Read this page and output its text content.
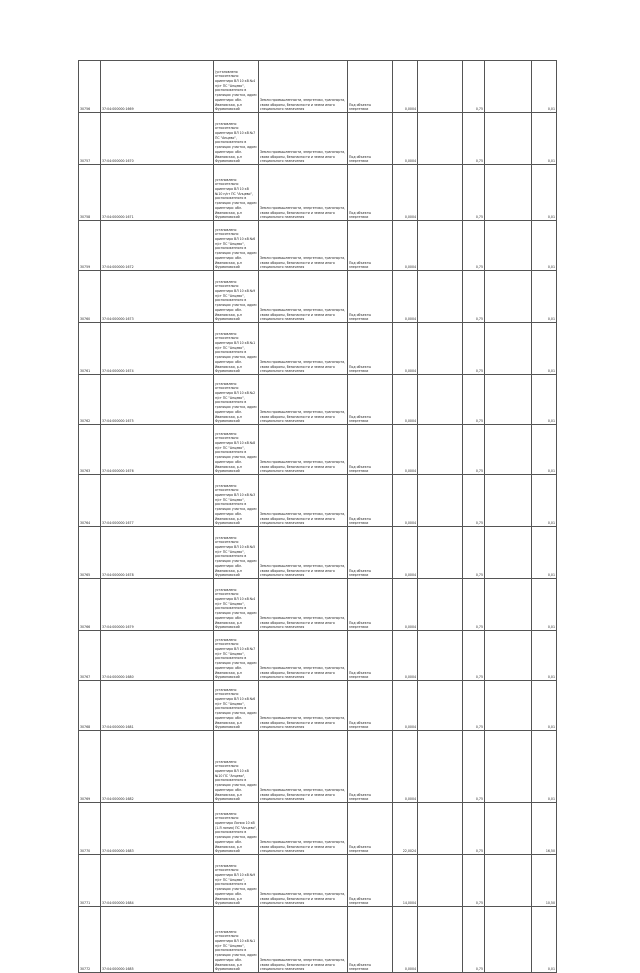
30756	37:04:000000:1669	(установлено относительно ориентира ВЛ 10 кВ №4 п/ст ПС "Анцево", расположенного в границах участка, адрес ориентира: обл. Ивановская, р-н Фурмановский	Земли промышленности, энергетики, транспорта, связи обороны, безопасности и земли иного специального назначения	Под объекты энергетики	0,0004		0,75		0,01
30757	37:04:000000:1670	установлено относительно ориентира ВЛ 10 кВ №7 ПС "Анцево", расположенного в границах участка, адрес ориентира: обл. Ивановская, р-н Фурмановский	Земли промышленности, энергетики, транспорта, связи обороны, безопасности и земли иного специального назначения	Под объекты энергетики	0,0004		0,75		0,01
30758	37:04:000000:1671	установлено относительно ориентира ВЛ 10 кВ №10 п/ст ПС "Анцево", расположенного в границах участка, адрес ориентира: обл. Ивановская, р-н Фурмановский	Земли промышленности, энергетики, транспорта, связи обороны, безопасности и земли иного специального назначения	Под объекты энергетики	0,0004		0,75		0,01
30759	37:04:000000:1672	установлено относительно ориентира ВЛ 10 кВ №6 п/ст ПС "Анцево", расположенного в границах участка, адрес ориентира: обл. Ивановская, р-н Фурмановский	Земли промышленности, энергетики, транспорта, связи обороны, безопасности и земли иного специального назначения	Под объекты энергетики	0,0004		0,75		0,01
30760	37:04:000000:1673	установлено относительно ориентира ВЛ 10 кВ №9 п/ст ПС "Анцево", расположенного в границах участка, адрес ориентира: обл. Ивановская, р-н Фурмановский	Земли промышленности, энергетики, транспорта, связи обороны, безопасности и земли иного специального назначения	Под объекты энергетики	0,0004		0,75		0,01
30761	37:04:000000:1674	установлено относительно ориентира ВЛ 10 кВ №1 п/ст ПС "Анцево", расположенного в границах участка, адрес ориентира: обл. Ивановская, р-н Фурмановский	Земли промышленности, энергетики, транспорта, связи обороны, безопасности и земли иного специального назначения	Под объекты энергетики	0,0004		0,75		0,01
30762	37:04:000000:1675	установлено относительно ориентира ВЛ 10 кВ №2 п/ст ПС "Анцево", расположенного в границах участка, адрес ориентира: обл. Ивановская, р-н Фурмановский	Земли промышленности, энергетики, транспорта, связи обороны, безопасности и земли иного специального назначения	Под объекты энергетики	0,0004		0,75		0,01
30763	37:04:000000:1676	установлено относительно ориентира ВЛ 10 кВ №8 п/ст ПС "Анцево", расположенного в границах участка, адрес ориентира: обл. Ивановская, р-н Фурмановский	Земли промышленности, энергетики, транспорта, связи обороны, безопасности и земли иного специального назначения	Под объекты энергетики	0,0004		0,75		0,01
30764	37:04:000000:1677	установлено относительно ориентира ВЛ 10 кВ №3 п/ст ПС "Анцево", расположенного в границах участка, адрес ориентира: обл. Ивановская, р-н Фурмановский	Земли промышленности, энергетики, транспорта, связи обороны, безопасности и земли иного специального назначения	Под объекты энергетики	0,0004		0,75		0,01
30765	37:04:000000:1678	установлено относительно ориентира ВЛ 10 кВ №5 п/ст ПС "Анцево", расположенного в границах участка, адрес ориентира: обл. Ивановская, р-н Фурмановский	Земли промышленности, энергетики, транспорта, связи обороны, безопасности и земли иного специального назначения	Под объекты энергетики	0,0004		0,75		0,01
30766	37:04:000000:1679	установлено относительно ориентира ВЛ 10 кВ №4 п/ст ПС "Анцево", расположенного в границах участка, адрес ориентира: обл. Ивановская, р-н Фурмановский	Земли промышленности, энергетики, транспорта, связи обороны, безопасности и земли иного специального назначения	Под объекты энергетики	0,0004		0,75		0,01
30767	37:04:000000:1680	установлено относительно ориентира ВЛ 10 кВ №7 п/ст ПС "Анцево", расположенного в границах участка, адрес ориентира: обл. Ивановская, р-н Фурмановский	Земли промышленности, энергетики, транспорта, связи обороны, безопасности и земли иного специального назначения	Под объекты энергетики	0,0004		0,75		0,01
30768	37:04:000000:1681	установлено относительно ориентира ВЛ 10 кВ №6 п/ст ПС "Анцево", расположенного в границах участка, адрес ориентира: обл. Ивановская, р-н Фурмановский	Земли промышленности, энергетики, транспорта, связи обороны, безопасности и земли иного специального назначения	Под объекты энергетики	0,0004		0,75		0,01
30769	37:04:000000:1682	установлено относительно ориентира ВЛ 10 кВ №10 ПС "Анцево", расположенного в границах участка, адрес ориентира: обл. Ивановская, р-н Фурмановский	Земли промышленности, энергетики, транспорта, связи обороны, безопасности и земли иного специального назначения	Под объекты энергетики	0,0004		0,75		0,01
30770	37:04:000000:1683	установлено относительно ориентира Линия 10 кВ (1-Я линия) ПС "Анцево", расположенного в границах участка, адрес ориентира: обл. Ивановская, р-н Фурмановский	Земли промышленности, энергетики, транспорта, связи обороны, безопасности и земли иного специального назначения	Под объекты энергетики	22,0024		0,75		16,50
30771	37:04:000000:1684	установлено относительно ориентира ВЛ 10 кВ №9 п/ст ПС "Анцево", расположенного в границах участка, адрес ориентира: обл. Ивановская, р-н Фурмановский	Земли промышленности, энергетики, транспорта, связи обороны, безопасности и земли иного специального назначения	Под объекты энергетики	14,0004		0,75		10,50
30772	37:04:000000:1685	установлено относительно ориентира ВЛ 10 кВ №1 п/ст ПС "Анцево", расположенного в границах участка, адрес ориентира: обл. Ивановская, р-н Фурмановский	Земли промышленности, энергетики, транспорта, связи обороны, безопасности и земли иного специального назначения	Под объекты энергетики	0,0004		0,75		0,01
